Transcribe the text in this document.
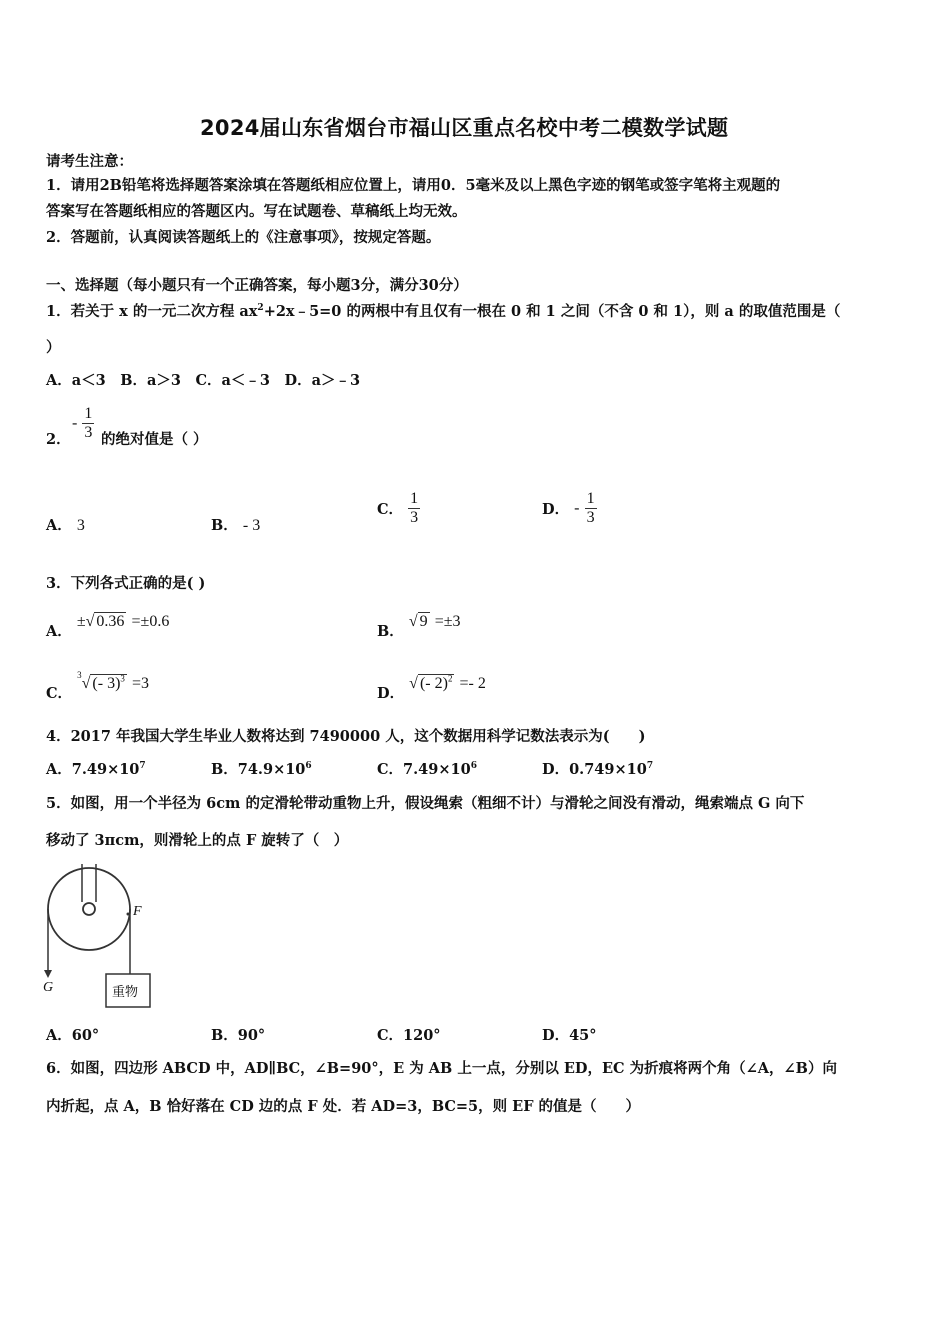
2024届山东省烟台市福山区重点名校中考二模数学试题
请考生注意：
1．请用2B铅笔将选择题答案涂填在答题纸相应位置上，请用0．5毫米及以上黑色字迹的钢笔或签字笔将主观题的
答案写在答题纸相应的答题区内。写在试题卷、草稿纸上均无效。
2．答题前，认真阅读答题纸上的《注意事项》，按规定答题。
一、选择题（每小题只有一个正确答案，每小题3分，满分30分）
1．若关于 x 的一元二次方程 $ax^2+2x﹣5=0$ 的两根中有且仅有一根在 0 和 1 之间（不含 0 和 1），则 a 的取值范围是（
）
A．a＜3　B．a＞3　C．a＜﹣3　D．a＞﹣3
2．
- $\frac{1}{3}$ 的绝对值是（ ）
A． 3	B． - 3
C． $\frac{1}{3}$	D． - $\frac{1}{3}$
3．下列各式正确的是( )
A． ±√ 0.36 =±0.6
B． √ 9 =±3
C． $^3$√ (- 3)$^3$ =3
D． √ (- 2)$^2$ =- 2
4．2017 年我国大学生毕业人数将达到 7490000 人，这个数据用科学记数法表示为(　　)
A．$7.49\times 10^7$	B．$74.9\times 10^6$	C．$7.49\times 10^6$	D．$0.749\times 10^7$
5．如图，用一个半径为 6cm 的定滑轮带动重物上升，假设绳索（粗细不计）与滑轮之间没有滑动，绳索端点 G 向下
移动了 3πcm，则滑轮上的点 F 旋转了（　）
F
G	重物
A．60°	B．90°	C．120°	D．45°
6．如图，四边形 ABCD 中，AD∥BC，∠B=90°，E 为 AB 上一点，分别以 ED，EC 为折痕将两个角（∠A，∠B）向
内折起，点 A，B 恰好落在 CD 边的点 F 处．若 AD=3，BC=5，则 EF 的值是（　　）
